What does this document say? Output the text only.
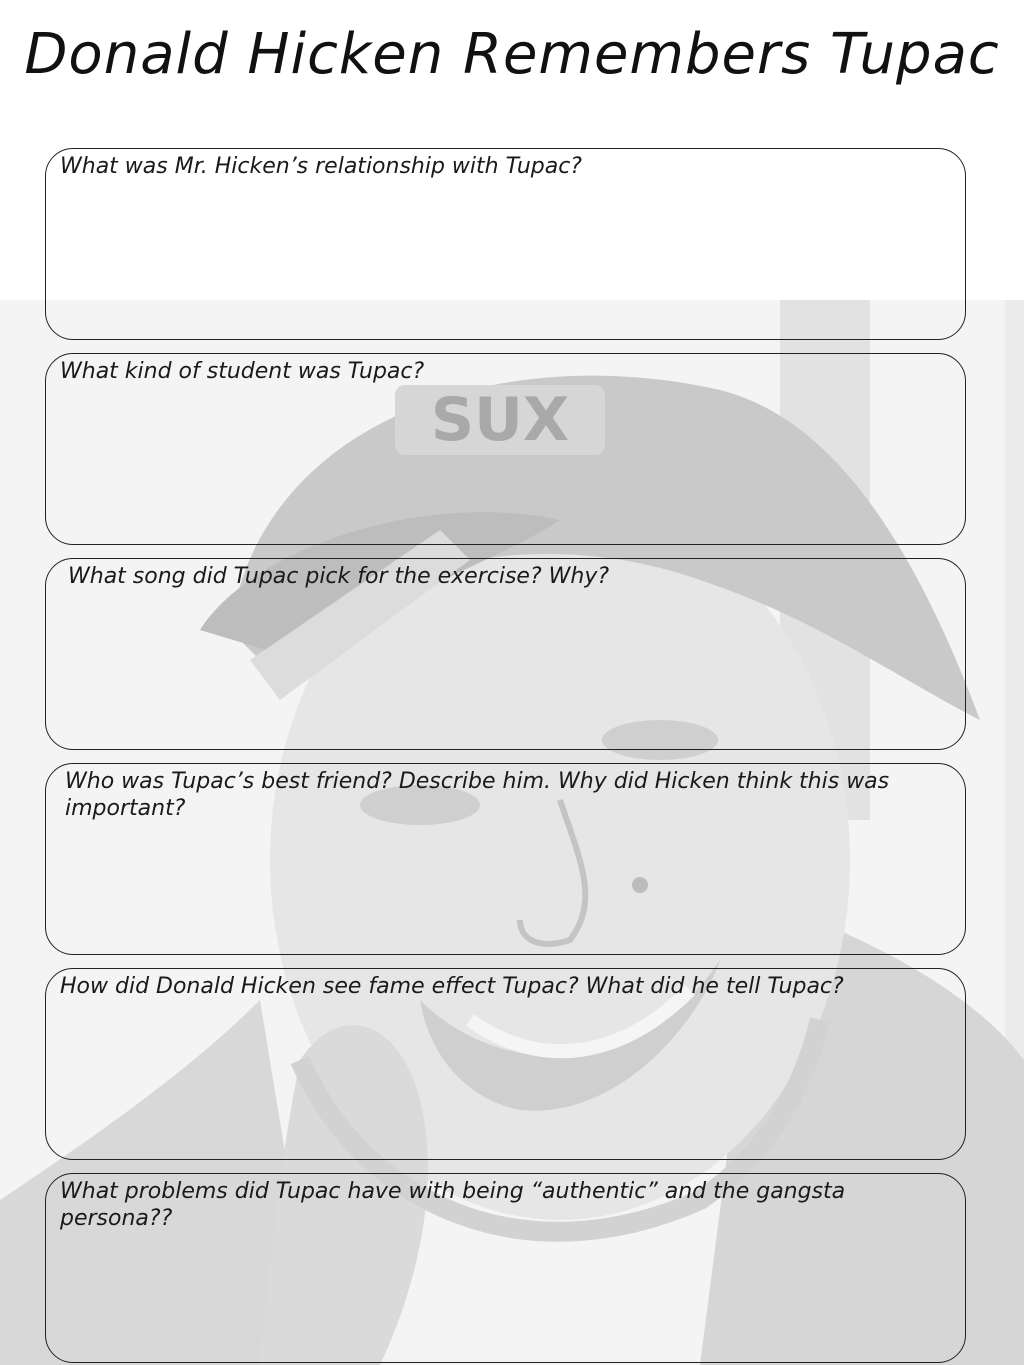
SUX
Donald Hicken Remembers Tupac
What was Mr. Hicken’s relationship with Tupac?
What kind of student was Tupac?
What song did Tupac pick for the exercise? Why?
Who was Tupac’s best friend? Describe him. Why did Hicken think this was important?
How did Donald Hicken see fame effect Tupac? What did he tell Tupac?
What problems did Tupac have with being “authentic” and the gangsta persona??
